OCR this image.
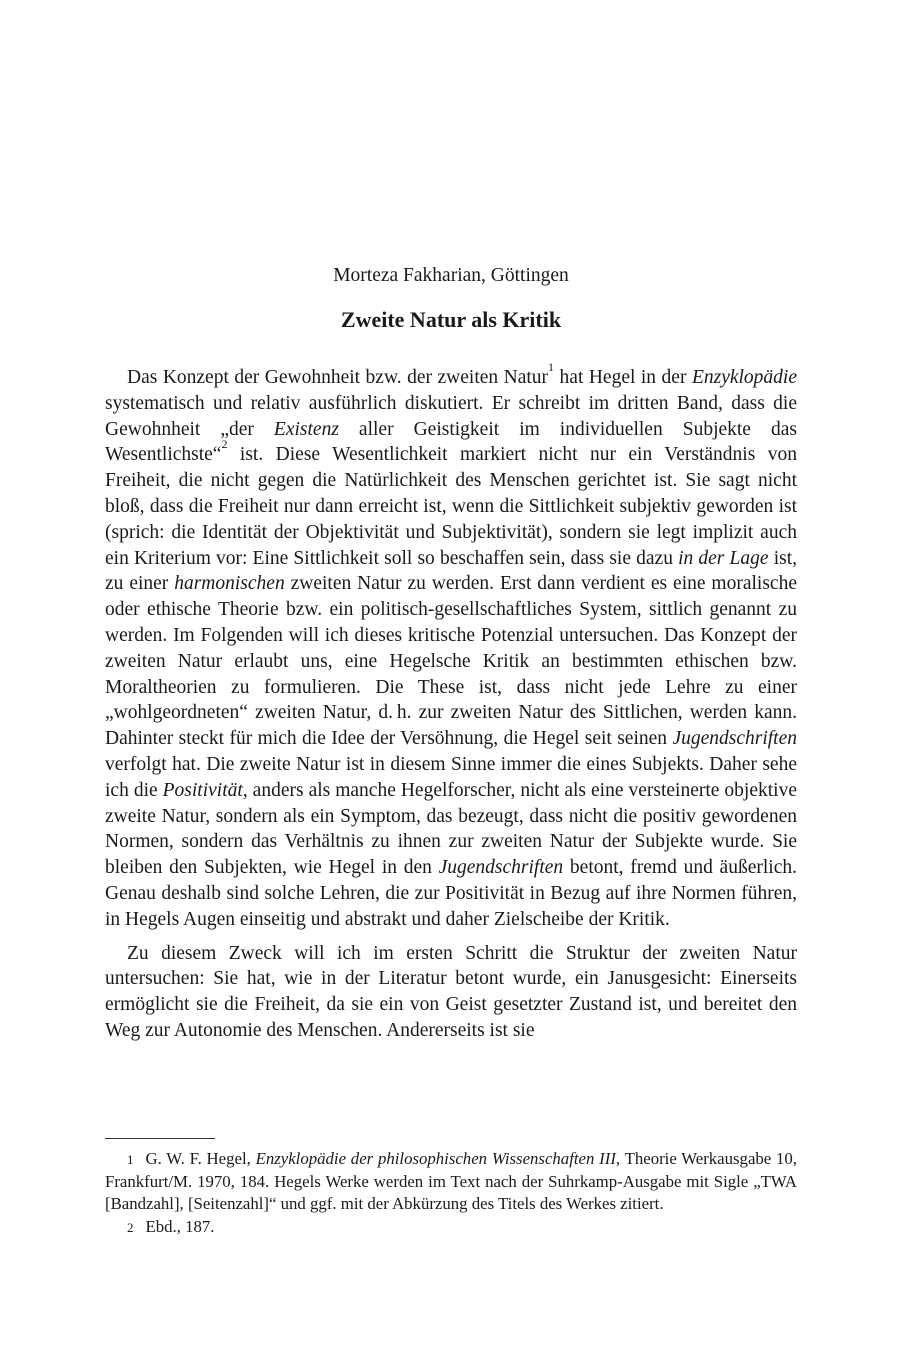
Morteza Fakharian, Göttingen
Zweite Natur als Kritik

Das Konzept der Gewohnheit bzw. der zweiten Natur$^1$ hat Hegel in der Enzyklopädie systematisch und relativ ausführlich diskutiert. Er schreibt im dritten Band, dass die Gewohnheit „der Existenz aller Geistigkeit im individuellen Subjekte das Wesentlichste“$^2$ ist. Diese Wesentlichkeit markiert nicht nur ein Verständnis von Freiheit, die nicht gegen die Natürlichkeit des Menschen gerichtet ist. Sie sagt nicht bloß, dass die Freiheit nur dann erreicht ist, wenn die Sittlichkeit subjektiv geworden ist (sprich: die Identität der Objektivität und Subjektivität), sondern sie legt implizit auch ein Kriterium vor: Eine Sittlichkeit soll so beschaffen sein, dass sie dazu in der Lage ist, zu einer harmonischen zweiten Natur zu werden. Erst dann verdient es eine moralische oder ethische Theorie bzw. ein politisch-gesellschaftliches System, sittlich genannt zu werden. Im Folgenden will ich dieses kritische Potenzial untersuchen. Das Konzept der zweiten Natur erlaubt uns, eine Hegelsche Kritik an bestimmten ethischen bzw. Moraltheorien zu formulieren. Die These ist, dass nicht jede Lehre zu einer „wohlgeordneten“ zweiten Natur, d. h. zur zweiten Natur des Sittlichen, werden kann. Dahinter steckt für mich die Idee der Versöhnung, die Hegel seit seinen Jugendschriften verfolgt hat. Die zweite Natur ist in diesem Sinne immer die eines Subjekts. Daher sehe ich die Positivität, anders als manche Hegelforscher, nicht als eine versteinerte objektive zweite Natur, sondern als ein Symptom, das bezeugt, dass nicht die positiv gewordenen Normen, sondern das Verhältnis zu ihnen zur zweiten Natur der Subjekte wurde. Sie bleiben den Subjekten, wie Hegel in den Jugendschriften betont, fremd und äußerlich. Genau deshalb sind solche Lehren, die zur Positivität in Bezug auf ihre Normen führen, in Hegels Augen einseitig und abstrakt und daher Zielscheibe der Kritik.

Zu diesem Zweck will ich im ersten Schritt die Struktur der zweiten Natur untersuchen: Sie hat, wie in der Literatur betont wurde, ein Janusgesicht: Einerseits ermöglicht sie die Freiheit, da sie ein von Geist gesetzter Zustand ist, und bereitet den Weg zur Autonomie des Menschen. Andererseits ist sie

$^1$ G. W. F. Hegel, Enzyklopädie der philosophischen Wissenschaften III, Theorie Werkausgabe 10, Frankfurt/M. 1970, 184. Hegels Werke werden im Text nach der Suhrkamp-Ausgabe mit Sigle „TWA [Bandzahl], [Seitenzahl]“ und ggf. mit der Abkürzung des Titels des Werkes zitiert.

$^2$ Ebd., 187.
